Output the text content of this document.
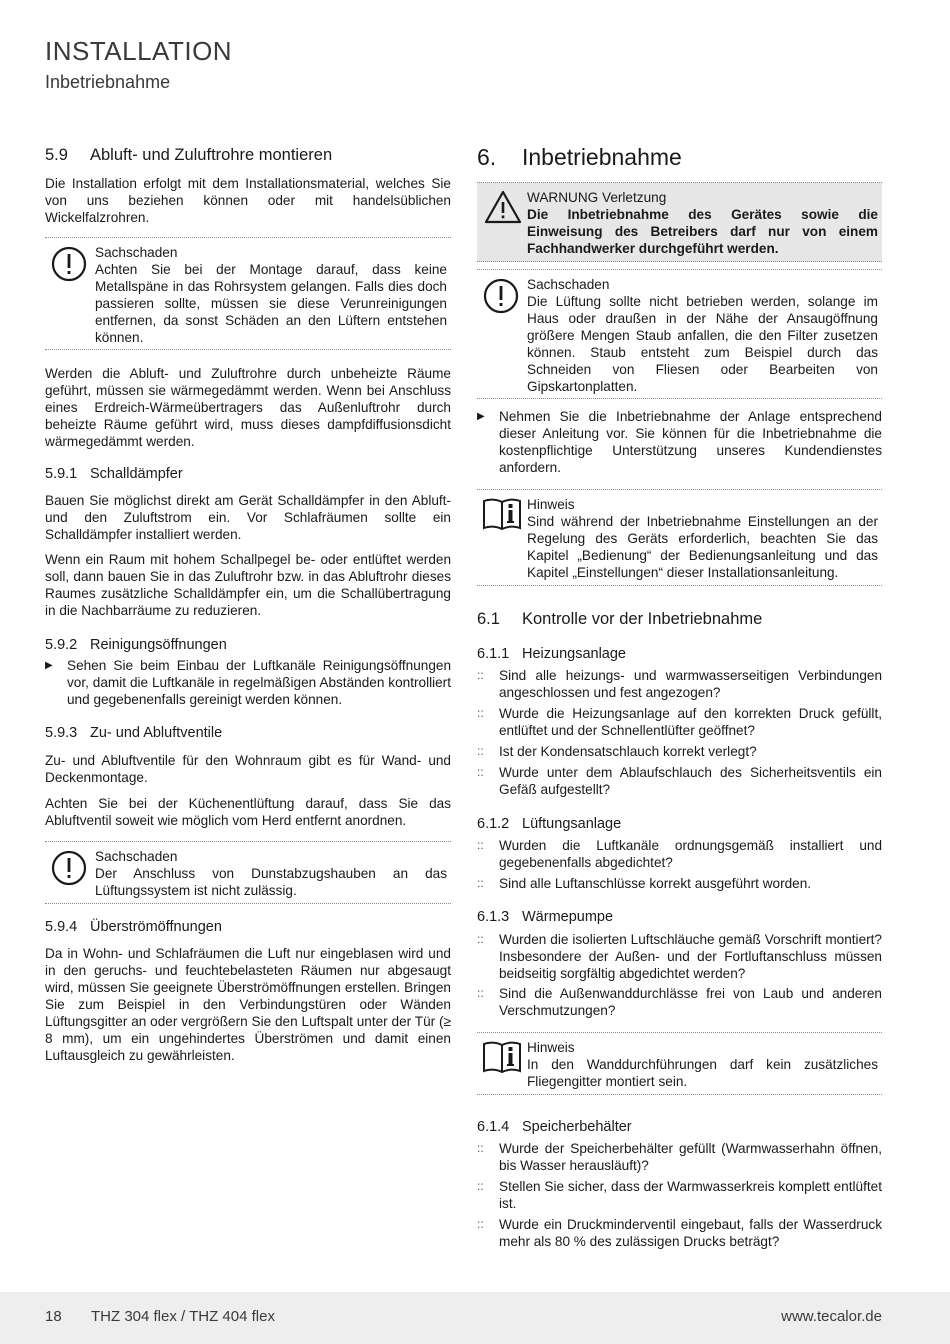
INSTALLATION
Inbetriebnahme
5.9 Abluft- und Zuluftrohre montieren

Die Installation erfolgt mit dem Installationsmaterial, welches Sie von uns beziehen können oder mit handelsüblichen Wickelfalzrohren.

Sachschaden

Achten Sie bei der Montage darauf, dass keine Metallspäne in das Rohrsystem gelangen. Falls dies doch passieren sollte, müssen sie diese Verunreinigungen entfernen, da sonst Schäden an den Lüftern entstehen können.

Werden die Abluft- und Zuluftrohre durch unbeheizte Räume geführt, müssen sie wärmegedämmt werden. Wenn bei Anschluss eines Erdreich-Wärmeübertragers das Außenluftrohr durch beheizte Räume geführt wird, muss dieses dampfdiffusionsdicht wärmegedämmt werden.

5.9.1 Schalldämpfer

Bauen Sie möglichst direkt am Gerät Schalldämpfer in den Abluft- und den Zuluftstrom ein. Vor Schlafräumen sollte ein Schalldämpfer installiert werden.

Wenn ein Raum mit hohem Schallpegel be- oder entlüftet werden soll, dann bauen Sie in das Zuluftrohr bzw. in das Abluftrohr dieses Raumes zusätzliche Schalldämpfer ein, um die Schallübertragung in die Nachbarräume zu reduzieren.

5.9.2 Reinigungsöffnungen
▶ Sehen Sie beim Einbau der Luftkanäle Reinigungsöffnungen vor, damit die Luftkanäle in regelmäßigen Abständen kontrolliert und gegebenenfalls gereinigt werden können.

5.9.3 Zu- und Abluftventile

Zu- und Abluftventile für den Wohnraum gibt es für Wand- und Deckenmontage.

Achten Sie bei der Küchenentlüftung darauf, dass Sie das Abluftventil soweit wie möglich vom Herd entfernt anordnen.

Sachschaden

Der Anschluss von Dunstabzugshauben an das Lüftungssystem ist nicht zulässig.

5.9.4 Überströmöffnungen

Da in Wohn- und Schlafräumen die Luft nur eingeblasen wird und in den geruchs- und feuchtebelasteten Räumen nur abgesaugt wird, müssen Sie geeignete Überströmöffnungen erstellen. Bringen Sie zum Beispiel in den Verbindungstüren oder Wänden Lüftungsgitter an oder vergrößern Sie den Luftspalt unter der Tür (≥ 8 mm), um ein ungehindertes Überströmen und damit einen Luftausgleich zu gewährleisten.

6. Inbetriebnahme
WARNUNG Verletzung

Die Inbetriebnahme des Gerätes sowie die Einweisung des Betreibers darf nur von einem Fachhandwerker durchgeführt werden.

Sachschaden

Die Lüftung sollte nicht betrieben werden, solange im Haus oder draußen in der Nähe der Ansaugöffnung größere Mengen Staub anfallen, die den Filter zusetzen können. Staub entsteht zum Beispiel durch das Schneiden von Fliesen oder Bearbeiten von Gipskartonplatten.

▶ Nehmen Sie die Inbetriebnahme der Anlage entsprechend dieser Anleitung vor. Sie können für die Inbetriebnahme die kostenpflichtige Unterstützung unseres Kundendienstes anfordern.

Hinweis

Sind während der Inbetriebnahme Einstellungen an der Regelung des Geräts erforderlich, beachten Sie das Kapitel „Bedienung“ der Bedienungsanleitung und das Kapitel „Einstellungen“ dieser Installationsanleitung.

6.1 Kontrolle vor der Inbetriebnahme
6.1.1 Heizungsanlage
:: Sind alle heizungs- und warmwasserseitigen Verbindungen angeschlossen und fest angezogen?

:: Wurde die Heizungsanlage auf den korrekten Druck gefüllt, entlüftet und der Schnellentlüfter geöffnet?

:: Ist der Kondensatschlauch korrekt verlegt?

:: Wurde unter dem Ablaufschlauch des Sicherheitsventils ein Gefäß aufgestellt?

6.1.2 Lüftungsanlage
:: Wurden die Luftkanäle ordnungsgemäß installiert und gegebenenfalls abgedichtet?

:: Sind alle Luftanschlüsse korrekt ausgeführt worden.

6.1.3 Wärmepumpe
:: Wurden die isolierten Luftschläuche gemäß Vorschrift montiert? Insbesondere der Außen- und der Fortluftanschluss müssen beidseitig sorgfältig abgedichtet werden?

:: Sind die Außenwanddurchlässe frei von Laub und anderen Verschmutzungen?

Hinweis

In den Wanddurchführungen darf kein zusätzliches Fliegengitter montiert sein.

6.1.4 Speicherbehälter
:: Wurde der Speicherbehälter gefüllt (Warmwasserhahn öffnen, bis Wasser herausläuft)?

:: Stellen Sie sicher, dass der Warmwasserkreis komplett entlüftet ist.

:: Wurde ein Druckminderventil eingebaut, falls der Wasserdruck mehr als 80 % des zulässigen Drucks beträgt?

18 THZ 304 flex / THZ 404 flex	www.tecalor.de
